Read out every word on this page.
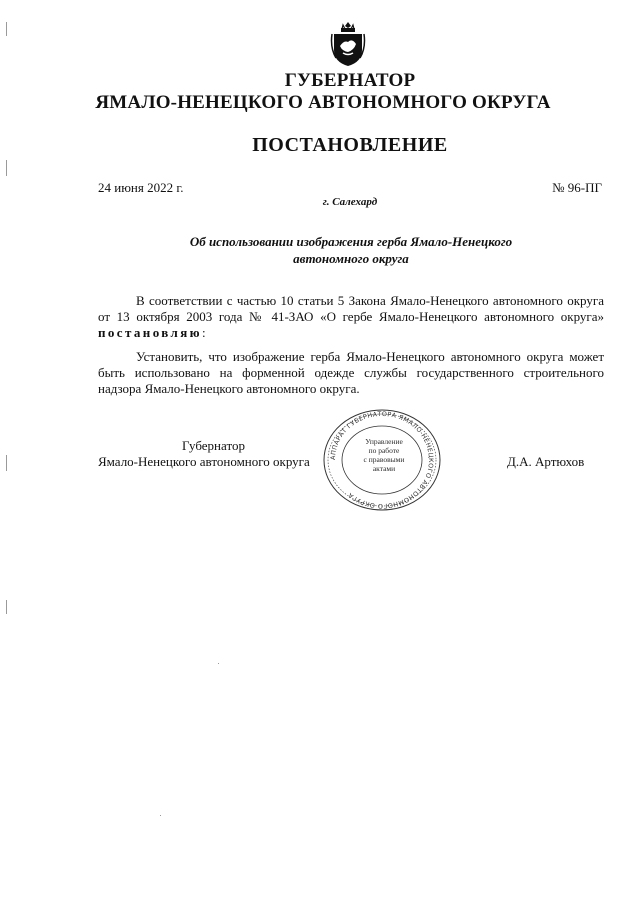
ГУБЕРНАТОР
ЯМАЛО-НЕНЕЦКОГО АВТОНОМНОГО ОКРУГА
ПОСТАНОВЛЕНИЕ
24 июня 2022 г.	№ 96-ПГ
г. Салехард
Об использовании изображения герба Ямало-Ненецкого
автономного округа
В соответствии с частью 10 статьи 5 Закона Ямало-Ненецкого автономного округа от 13 октября 2003 года № 41-ЗАО «О гербе Ямало-Ненецкого автономного округа» постановляю:
Установить, что изображение герба Ямало-Ненецкого автономного округа может быть использовано на форменной одежде службы государственного строительного надзора Ямало-Ненецкого автономного округа.
Губернатор
Ямало-Ненецкого автономного округа	АППАРАТ ГУБЕРНАТОРА ЯМАЛО-НЕНЕЦКОГО АВТОНОМНОГО ОКРУГА
Управление
по работе
с правовыми
актами	Д.А. Артюхов
